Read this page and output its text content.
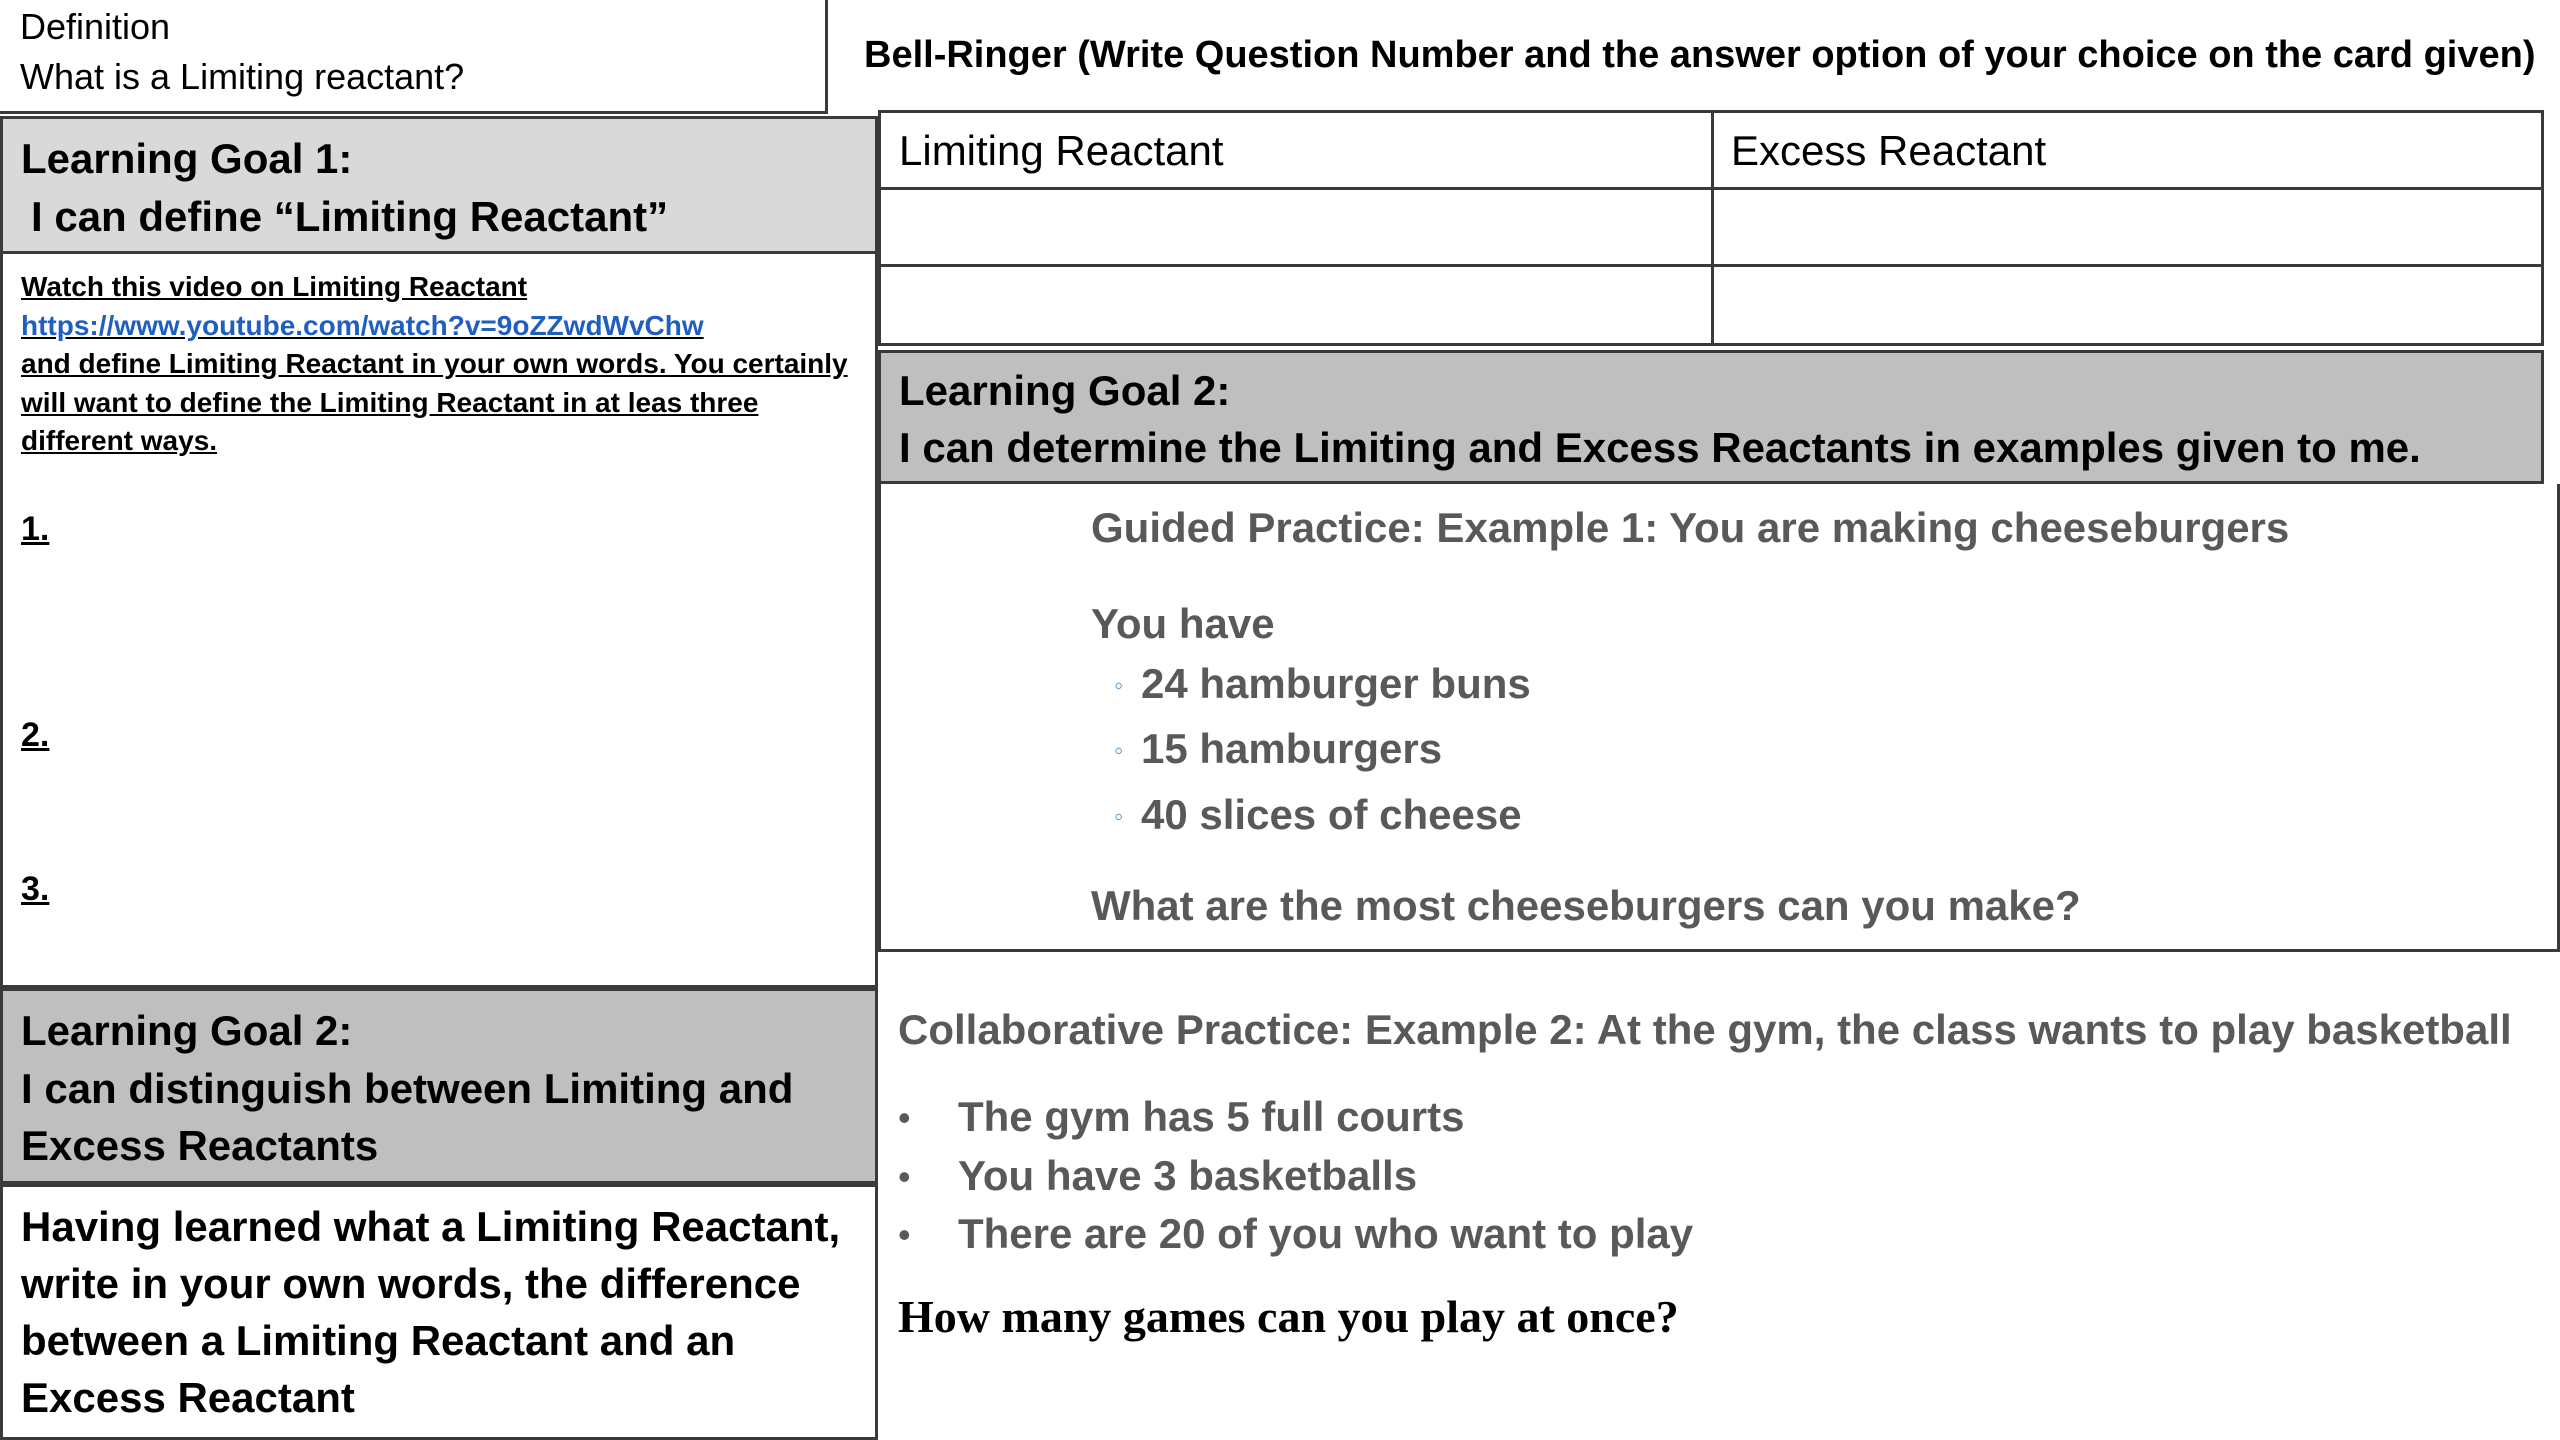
Definition

What is a Limiting reactant?

Bell-Ringer (Write Question Number and the answer option of your choice on the card given)

Limiting Reactant	Excess Reactant

Learning Goal 1:

I can define “Limiting Reactant”

Watch this video on Limiting Reactant
https://www.youtube.com/watch?v=9oZZwdWvChw
and define Limiting Reactant in your own words. You certainly will want to define the Limiting Reactant in at leas three different ways.

1.

2.

3.

Learning Goal 2:

I can distinguish between Limiting and

Excess Reactants

Having learned what a Limiting Reactant,

write in your own words, the difference

between a Limiting Reactant and an

Excess Reactant

Learning Goal 2:

I can determine the Limiting and Excess Reactants in examples given to me.

Guided Practice: Example 1: You are making cheeseburgers

You have

◦ 24 hamburger buns

◦ 15 hamburgers

◦ 40 slices of cheese

What are the most cheeseburgers can you make?

Collaborative Practice: Example 2: At the gym, the class wants to play basketball

• The gym has 5 full courts

• You have 3 basketballs

• There are 20 of you who want to play

How many games can you play at once?
